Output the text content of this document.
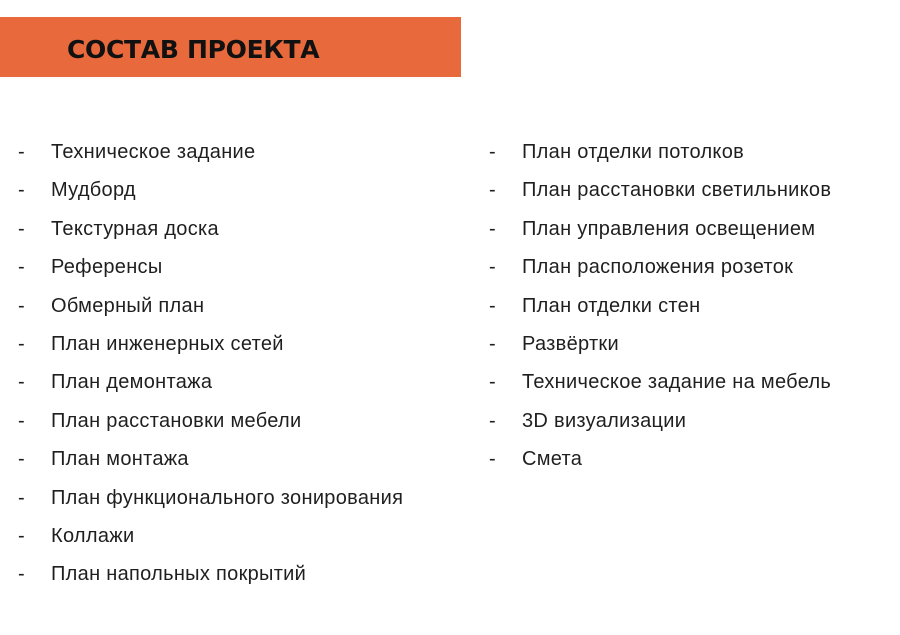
СОСТАВ ПРОЕКТА
- Техническое задание
- Мудборд
- Текстурная доска
- Референсы
- Обмерный план
- План инженерных сетей
- План демонтажа
- План расстановки мебели
- План монтажа
- План функционального зонирования
- Коллажи
- План напольных покрытий
- План отделки потолков
- План расстановки светильников
- План управления освещением
- План расположения розеток
- План отделки стен
- Развёртки
- Техническое задание на мебель
- 3D визуализации
- Смета
